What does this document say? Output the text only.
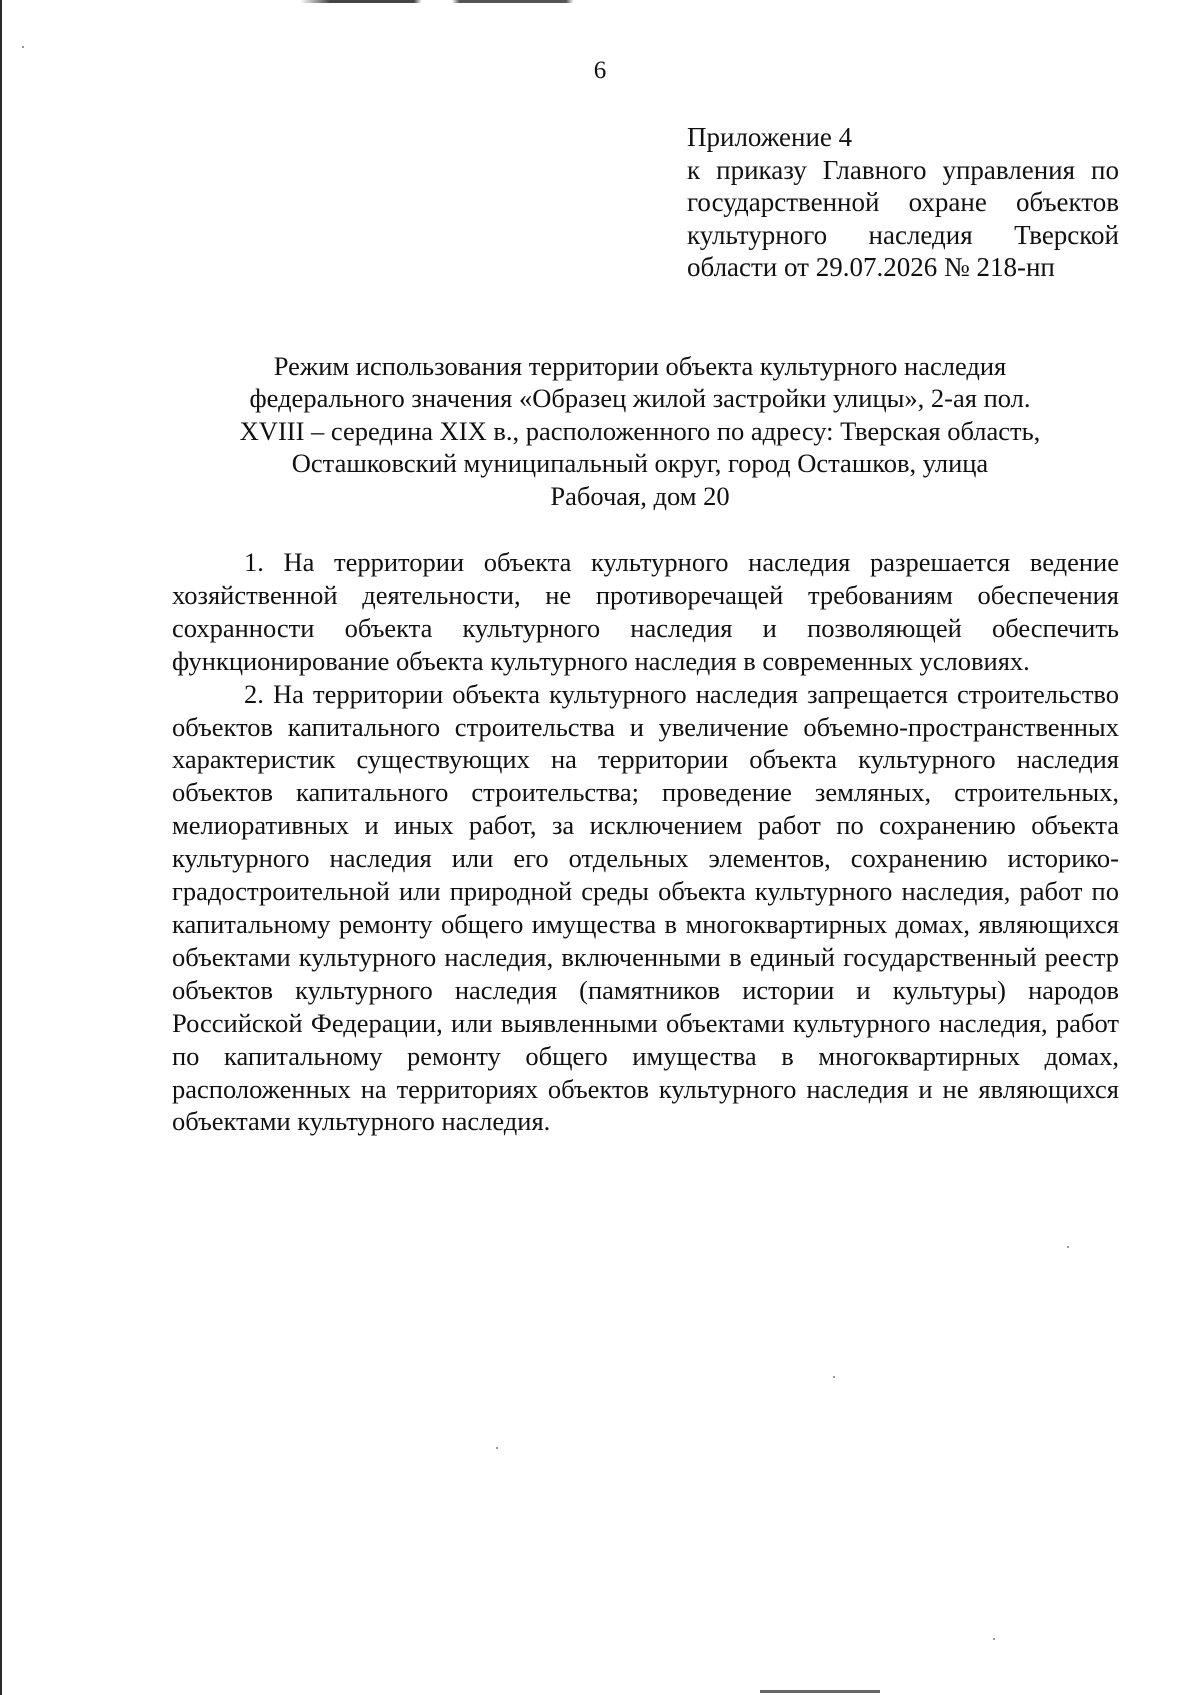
6
Приложение 4
к приказу Главного управления по
государственной охране объектов
культурного наследия Тверской
области от 29.07.2026 № 218-нп
Режим использования территории объекта культурного наследия
федерального значения «Образец жилой застройки улицы», 2-ая пол.
XVIII – середина XIX в., расположенного по адресу: Тверская область,
Осташковский муниципальный округ, город Осташков, улица
Рабочая, дом 20

1. На территории объекта культурного наследия разрешается ведение хозяйственной деятельности, не противоречащей требованиям обеспечения сохранности объекта культурного наследия и позволяющей обеспечить функционирование объекта культурного наследия в современных условиях.

2. На территории объекта культурного наследия запрещается строительство объектов капитального строительства и увеличение объемно-пространственных характеристик существующих на территории объекта культурного наследия объектов капитального строительства; проведение земляных, строительных, мелиоративных и иных работ, за исключением работ по сохранению объекта культурного наследия или его отдельных элементов, сохранению историко-градостроительной или природной среды объекта культурного наследия, работ по капитальному ремонту общего имущества в многоквартирных домах, являющихся объектами культурного наследия, включенными в единый государственный реестр объектов культурного наследия (памятников истории и культуры) народов Российской Федерации, или выявленными объектами культурного наследия, работ по капитальному ремонту общего имущества в многоквартирных домах, расположенных на территориях объектов культурного наследия и не являющихся объектами культурного наследия.
